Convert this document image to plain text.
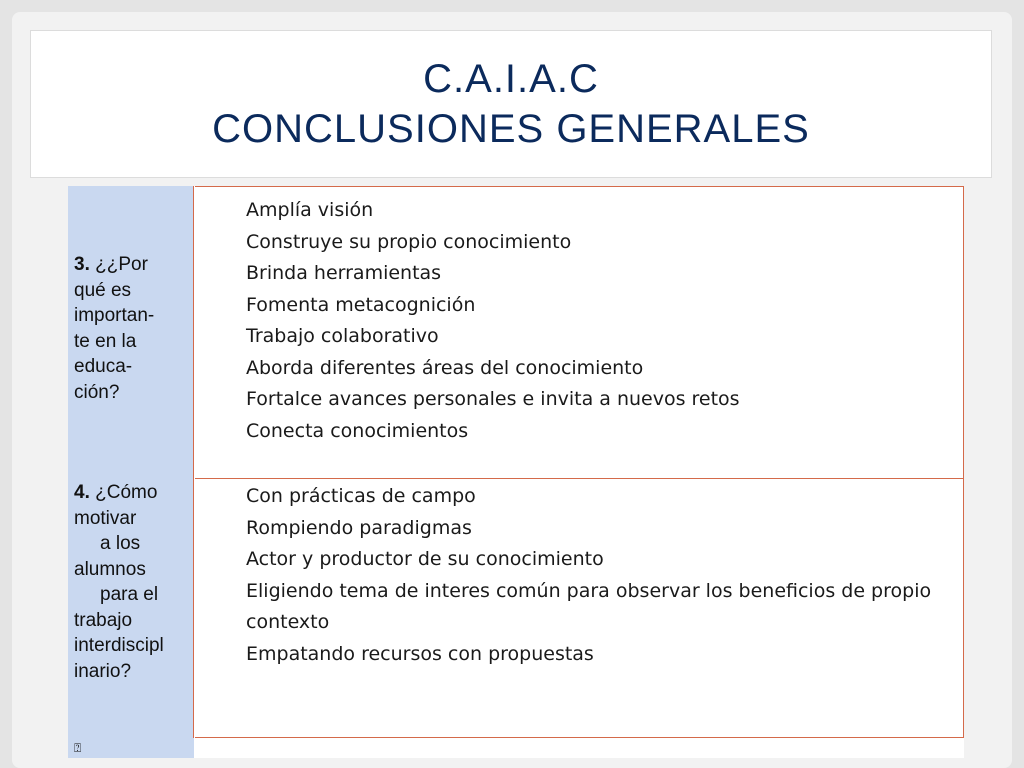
C.A.I.A.C
CONCLUSIONES GENERALES
3. ¿¿Por
qué es
importan-
te en la
educa-
ción?
Amplía visión
Construye su propio conocimiento
Brinda herramientas
Fomenta metacognición
Trabajo colaborativo
Aborda diferentes áreas del conocimiento
Fortalce avances personales e invita a nuevos retos
Conecta conocimientos
4. ¿Cómo
motivar
a los
alumnos
para el
trabajo
interdiscipl
inario?
Con prácticas de campo
Rompiendo paradigmas
Actor y productor de su conocimiento
Eligiendo tema de interes común para observar los beneficios de propio contexto
Empatando recursos con propuestas
⍰
